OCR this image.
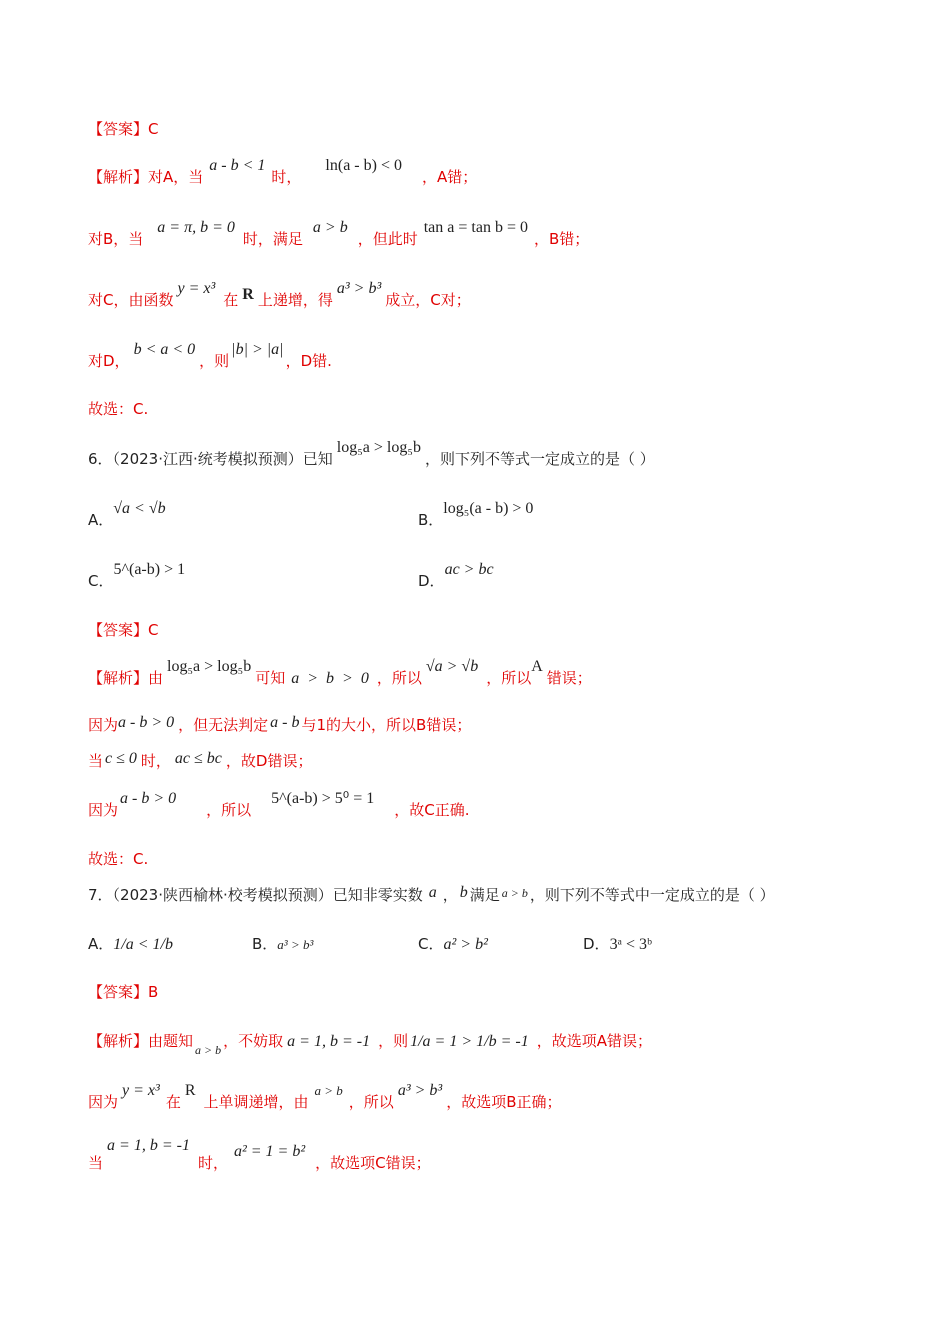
【答案】C
【解析】对A，当a - b < 1时，ln(a - b) < 0，A错；
对B，当a = π, b = 0时，满足a > b，但此时tan a = tan b = 0，B错；
对C，由函数y = x³在 R 上递增，得a³ > b³成立，C对；
对D，b < a < 0，则|b| > |a|，D错.
故选：C.
6．（2023·江西·统考模拟预测）已知log₅a > log₅b，则下列不等式一定成立的是（ ）
A．√a < √b
B．log₅(a - b) > 0
C．5^(a-b) > 1
D．ac > bc
【答案】C
【解析】由log₅a > log₅b可知 a > b > 0 ，所以√a > √b，所以A错误；
因为a - b > 0 ，但无法判定 a - b 与1的大小，所以B错误；
当 c ≤ 0 时， ac ≤ bc ，故D错误；
因为a - b > 0，所以5^(a-b) > 5⁰ = 1，故C正确.
故选：C.
7．（2023·陕西榆林·校考模拟预测）已知非零实数 a ， b 满足 $^{a > b}$ ，则下列不等式中一定成立的是（ ）
A．1/a < 1/b	B．a³ > b³	C．a² > b²	D．3ᵃ < 3ᵇ
【答案】B
【解析】由题知 $_{a > b}$ ，不妨取 a = 1, b = -1 ，则 1/a = 1 > 1/b = -1 ，故选项A错误；
因为y = x³在R上单调递增，由a > b，所以a³ > b³，故选项B正确；
当a = 1, b = -1时，a² = 1 = b²，故选项C错误；
